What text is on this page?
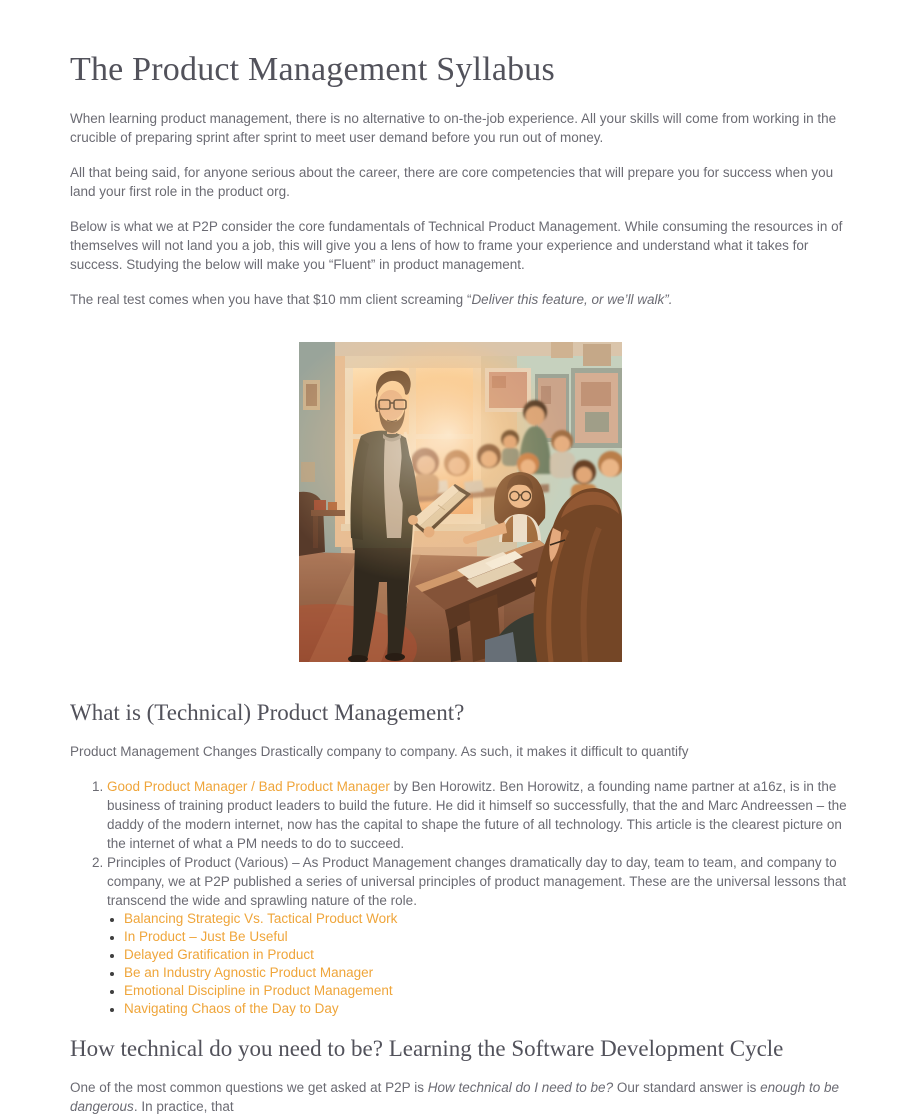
The Product Management Syllabus

When learning product management, there is no alternative to on-the-job experience. All your skills will come from working in the crucible of preparing sprint after sprint to meet user demand before you run out of money.

All that being said, for anyone serious about the career, there are core competencies that will prepare you for success when you land your first role in the product org.

Below is what we at P2P consider the core fundamentals of Technical Product Management. While consuming the resources in of themselves will not land you a job, this will give you a lens of how to frame your experience and understand what it takes for success. Studying the below will make you “Fluent” in product management.

The real test comes when you have that $10 mm client screaming “Deliver this feature, or we’ll walk”.

What is (Technical) Product Management?

Product Management Changes Drastically company to company. As such, it makes it difficult to quantify

1. Good Product Manager / Bad Product Manager by Ben Horowitz. Ben Horowitz, a founding name partner at a16z, is in the business of training product leaders to build the future. He did it himself so successfully, that the and Marc Andreessen – the daddy of the modern internet, now has the capital to shape the future of all technology. This article is the clearest picture on the internet of what a PM needs to do to succeed.
2. Principles of Product (Various) – As Product Management changes dramatically day to day, team to team, and company to company, we at P2P published a series of universal principles of product management. These are the universal lessons that transcend the wide and sprawling nature of the role.
• Balancing Strategic Vs. Tactical Product Work
• In Product – Just Be Useful
• Delayed Gratification in Product
• Be an Industry Agnostic Product Manager
• Emotional Discipline in Product Management
• Navigating Chaos of the Day to Day
How technical do you need to be? Learning the Software Development Cycle

One of the most common questions we get asked at P2P is How technical do I need to be? Our standard answer is enough to be dangerous. In practice, that
